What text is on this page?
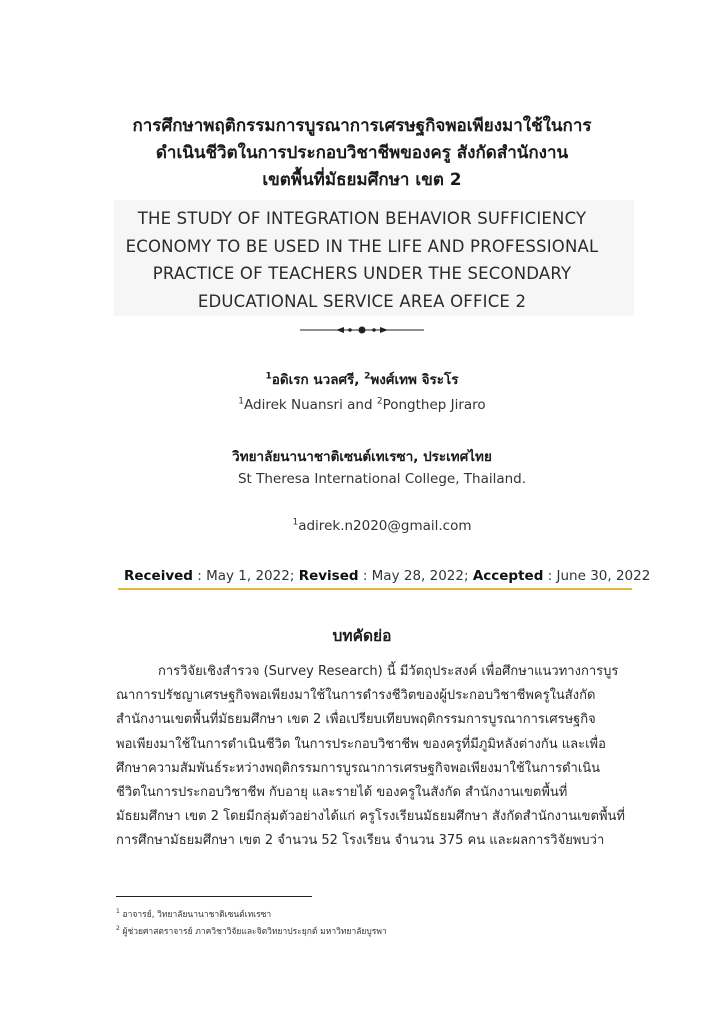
การศึกษาพฤติกรรมการบูรณาการเศรษฐกิจพอเพียงมาใช้ในการ
ดำเนินชีวิตในการประกอบวิชาชีพของครู สังกัดสำนักงาน
เขตพื้นที่มัธยมศึกษา เขต 2
THE STUDY OF INTEGRATION BEHAVIOR SUFFICIENCY
ECONOMY TO BE USED IN THE LIFE AND PROFESSIONAL
PRACTICE OF TEACHERS UNDER THE SECONDARY
EDUCATIONAL SERVICE AREA OFFICE 2
$^1$อดิเรก นวลศรี, $^2$พงศ์เทพ จิระโร
$^1$Adirek Nuansri and $^2$Pongthep Jiraro
วิทยาลัยนานาชาติเซนต์เทเรซา, ประเทศไทย
St Theresa International College, Thailand.
$^1$adirek.n2020@gmail.com
Received : May 1, 2022; Revised : May 28, 2022; Accepted : June 30, 2022
บทคัดย่อ
การวิจัยเชิงสำรวจ (Survey Research) นี้ มีวัตถุประสงค์ เพื่อศึกษาแนวทางการบูร
ณาการปรัชญาเศรษฐกิจพอเพียงมาใช้ในการดำรงชีวิตของผู้ประกอบวิชาชีพครูในสังกัด
สำนักงานเขตพื้นที่มัธยมศึกษา เขต 2 เพื่อเปรียบเทียบพฤติกรรมการบูรณาการเศรษฐกิจ
พอเพียงมาใช้ในการดำเนินชีวิต ในการประกอบวิชาชีพ ของครูที่มีภูมิหลังต่างกัน และเพื่อ
ศึกษาความสัมพันธ์ระหว่างพฤติกรรมการบูรณาการเศรษฐกิจพอเพียงมาใช้ในการดำเนิน
ชีวิตในการประกอบวิชาชีพ กับอายุ และรายได้ ของครูในสังกัด สำนักงานเขตพื้นที่
มัธยมศึกษา เขต 2 โดยมีกลุ่มตัวอย่างได้แก่ ครูโรงเรียนมัธยมศึกษา สังกัดสำนักงานเขตพื้นที่
การศึกษามัธยมศึกษา เขต 2 จำนวน 52 โรงเรียน จำนวน 375 คน และผลการวิจัยพบว่า
$^1$ อาจารย์, วิทยาลัยนานาชาติเซนต์เทเรซา
$^2$ ผู้ช่วยศาสตราจารย์ ภาควิชาวิจัยและจิตวิทยาประยุกต์ มหาวิทยาลัยบูรพา
